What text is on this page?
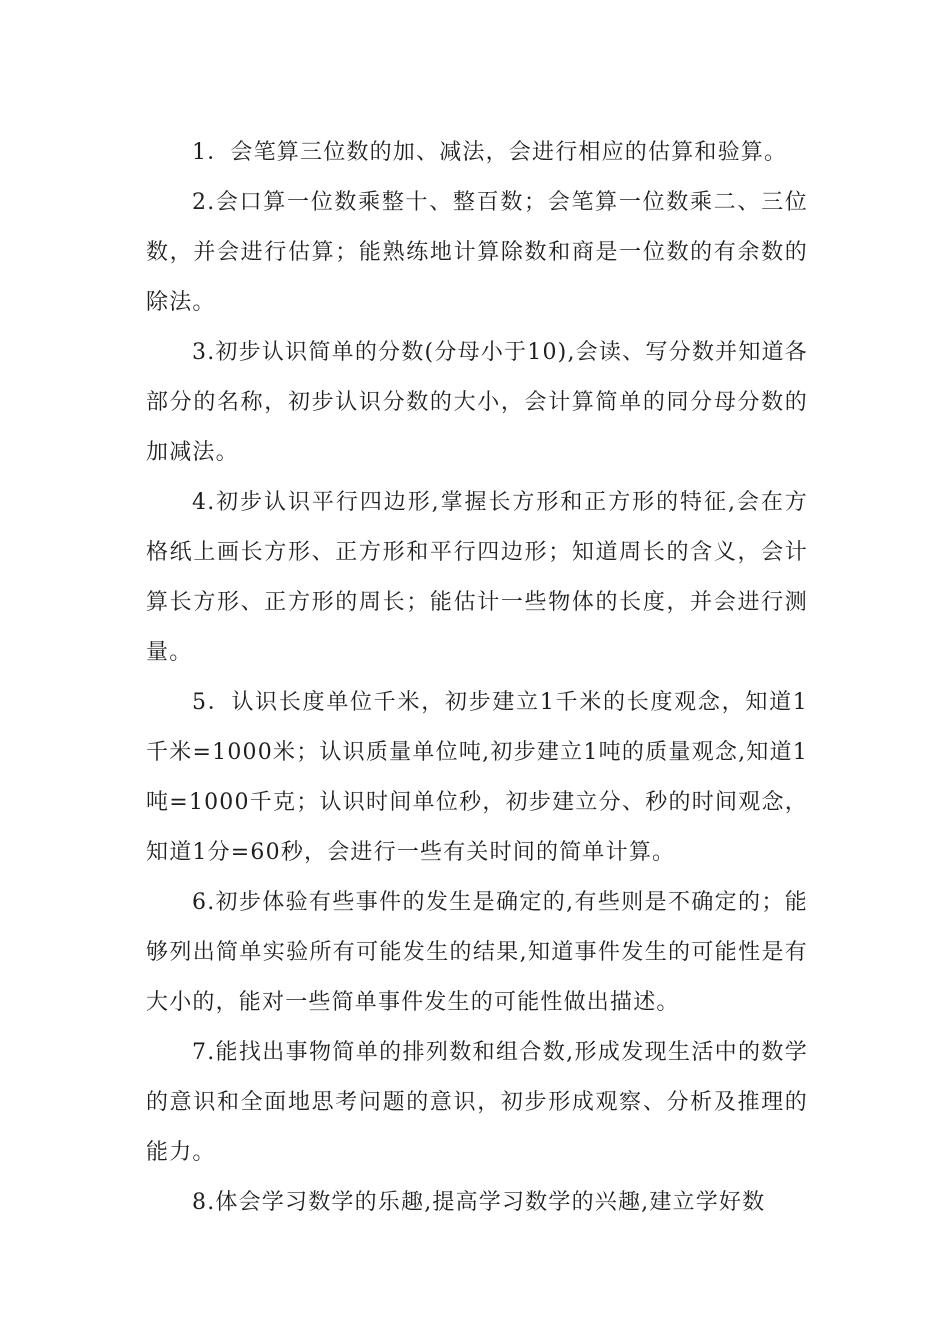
1．会笔算三位数的加、减法，会进行相应的估算和验算。

2.会口算一位数乘整十、整百数；会笔算一位数乘二、三位数，并会进行估算；能熟练地计算除数和商是一位数的有余数的除法。

3.初步认识简单的分数(分母小于10),会读、写分数并知道各部分的名称，初步认识分数的大小，会计算简单的同分母分数的加减法。

4.初步认识平行四边形,掌握长方形和正方形的特征,会在方格纸上画长方形、正方形和平行四边形；知道周长的含义，会计算长方形、正方形的周长；能估计一些物体的长度，并会进行测量。

5．认识长度单位千米，初步建立1千米的长度观念，知道1千米=1000米；认识质量单位吨,初步建立1吨的质量观念,知道1吨=1000千克；认识时间单位秒，初步建立分、秒的时间观念，知道1分=60秒，会进行一些有关时间的简单计算。

6.初步体验有些事件的发生是确定的,有些则是不确定的；能够列出简单实验所有可能发生的结果,知道事件发生的可能性是有大小的，能对一些简单事件发生的可能性做出描述。

7.能找出事物简单的排列数和组合数,形成发现生活中的数学的意识和全面地思考问题的意识，初步形成观察、分析及推理的能力。

8.体会学习数学的乐趣,提高学习数学的兴趣,建立学好数
